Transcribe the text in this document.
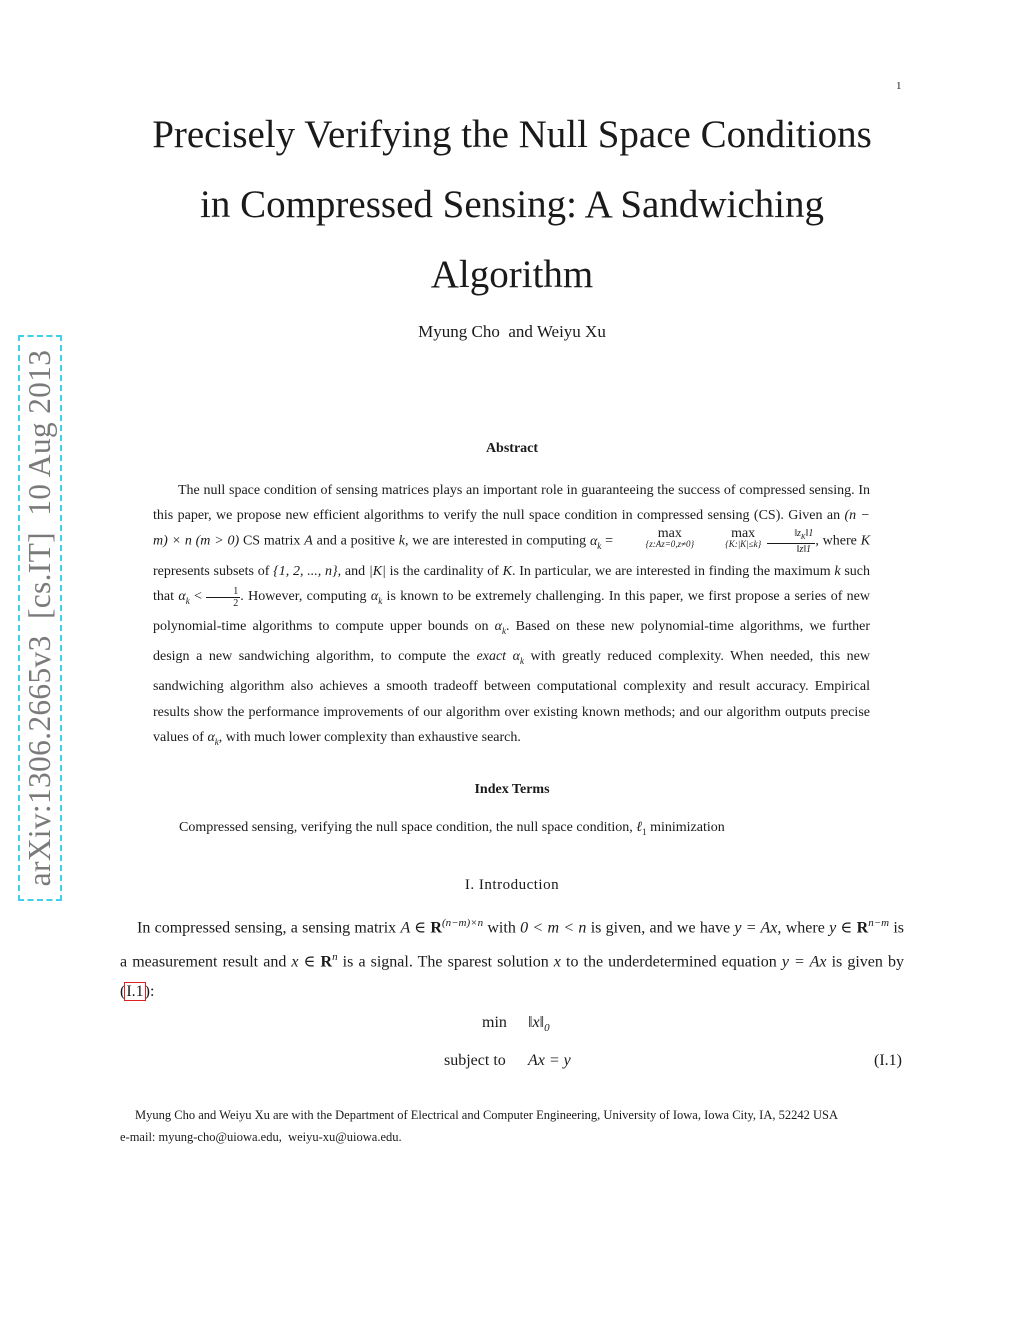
1
Precisely Verifying the Null Space Conditions
in Compressed Sensing: A Sandwiching
Algorithm
Myung Cho  and Weiyu Xu
arXiv:1306.2665v3  [cs.IT]  10 Aug 2013	Abstract

The null space condition of sensing matrices plays an important role in guaranteeing the success of compressed sensing. In this paper, we propose new efficient algorithms to verify the null space condition in compressed sensing (CS). Given an (n − m) × n (m > 0) CS matrix A and a positive k, we are interested in computing $\alpha_k$ =
max
{z:Az=0,z≠0}
max
{K:|K|≤k} $\frac{‖z_K‖1}{‖z‖1}$ , where K represents subsets of {1, 2, ..., n}, and |K| is the cardinality of K. In particular, we are interested in finding the maximum k such that $\alpha_k < \frac{1}{2}$ . However, computing $\alpha_k$ is known to be extremely challenging. In this paper, we first propose a series of new polynomial-time algorithms to compute upper bounds on $\alpha_k$. Based on these new polynomial-time algorithms, we further design a new sandwiching algorithm, to compute the exact $\alpha_k$ with greatly reduced complexity. When needed, this new sandwiching algorithm also achieves a smooth tradeoff between computational complexity and result accuracy. Empirical results show the performance improvements of our algorithm over existing known methods; and our algorithm outputs precise values of $\alpha_k$, with much lower complexity than exhaustive search.

Index Terms
Compressed sensing, verifying the null space condition, the null space condition, ℓ$_1$ minimization
I. Introduction

In compressed sensing, a sensing matrix A ∈ $R^{(n-m)\times n}$ with 0 < m < n is given, and we have y = Ax, where y ∈ $R^{n-m}$ is a measurement result and x ∈ $R^n$ is a signal. The sparest solution x to the underdetermined equation y = Ax is given by (I.1):

$\min ‖x‖_0$
subject to Ax = y	(I.1)

Myung Cho and Weiyu Xu are with the Department of Electrical and Computer Engineering, University of Iowa, Iowa City, IA, 52242 USA

e-mail: myung-cho@uiowa.edu,  weiyu-xu@uiowa.edu.
